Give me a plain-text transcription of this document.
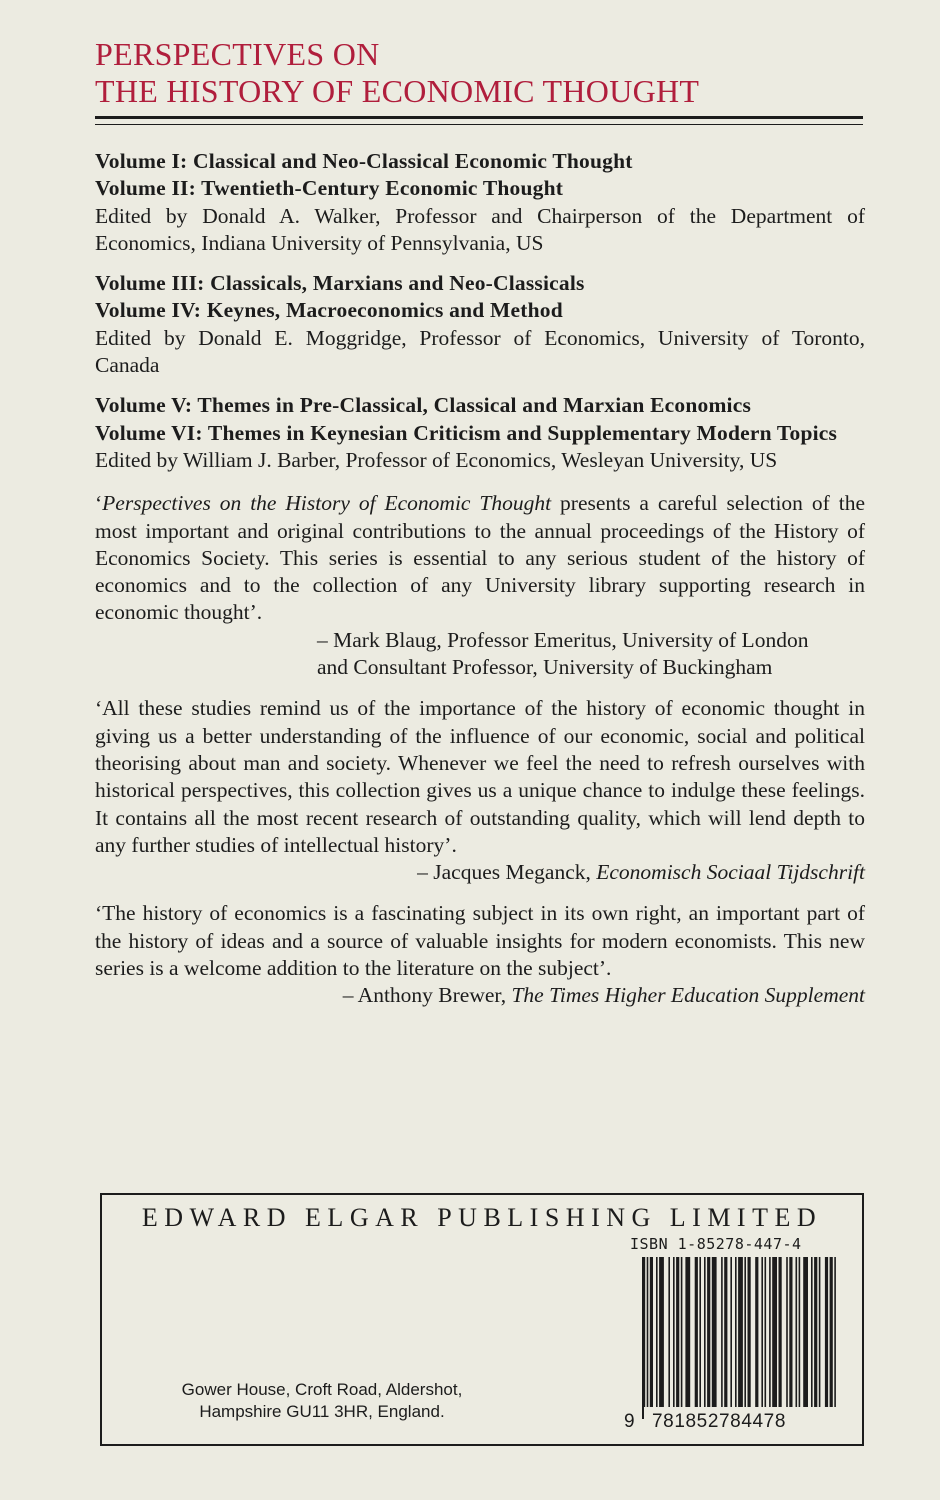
PERSPECTIVES ON
THE HISTORY OF ECONOMIC THOUGHT
Volume I: Classical and Neo-Classical Economic Thought
Volume II: Twentieth-Century Economic Thought
Edited by Donald A. Walker, Professor and Chairperson of the Department of Economics, Indiana University of Pennsylvania, US
Volume III: Classicals, Marxians and Neo-Classicals
Volume IV: Keynes, Macroeconomics and Method
Edited by Donald E. Moggridge, Professor of Economics, University of Toronto, Canada
Volume V: Themes in Pre-Classical, Classical and Marxian Economics
Volume VI: Themes in Keynesian Criticism and Supplementary Modern Topics
Edited by William J. Barber, Professor of Economics, Wesleyan University, US
‘Perspectives on the History of Economic Thought presents a careful selection of the most important and original contributions to the annual proceedings of the History of Economics Society. This series is essential to any serious student of the history of economics and to the collection of any University library supporting research in economic thought’.
– Mark Blaug, Professor Emeritus, University of London
and Consultant Professor, University of Buckingham
‘All these studies remind us of the importance of the history of economic thought in giving us a better understanding of the influence of our economic, social and political theorising about man and society. Whenever we feel the need to refresh ourselves with historical perspectives, this collection gives us a unique chance to indulge these feelings. It contains all the most recent research of outstanding quality, which will lend depth to any further studies of intellectual history’.
– Jacques Meganck, Economisch Sociaal Tijdschrift
‘The history of economics is a fascinating subject in its own right, an important part of the history of ideas and a source of valuable insights for modern economists. This new series is a welcome addition to the literature on the subject’.
– Anthony Brewer, The Times Higher Education Supplement
EDWARD ELGAR PUBLISHING LIMITED
ISBN 1-85278-447-4
Gower House, Croft Road, Aldershot,
Hampshire GU11 3HR, England.	9 781852784478
